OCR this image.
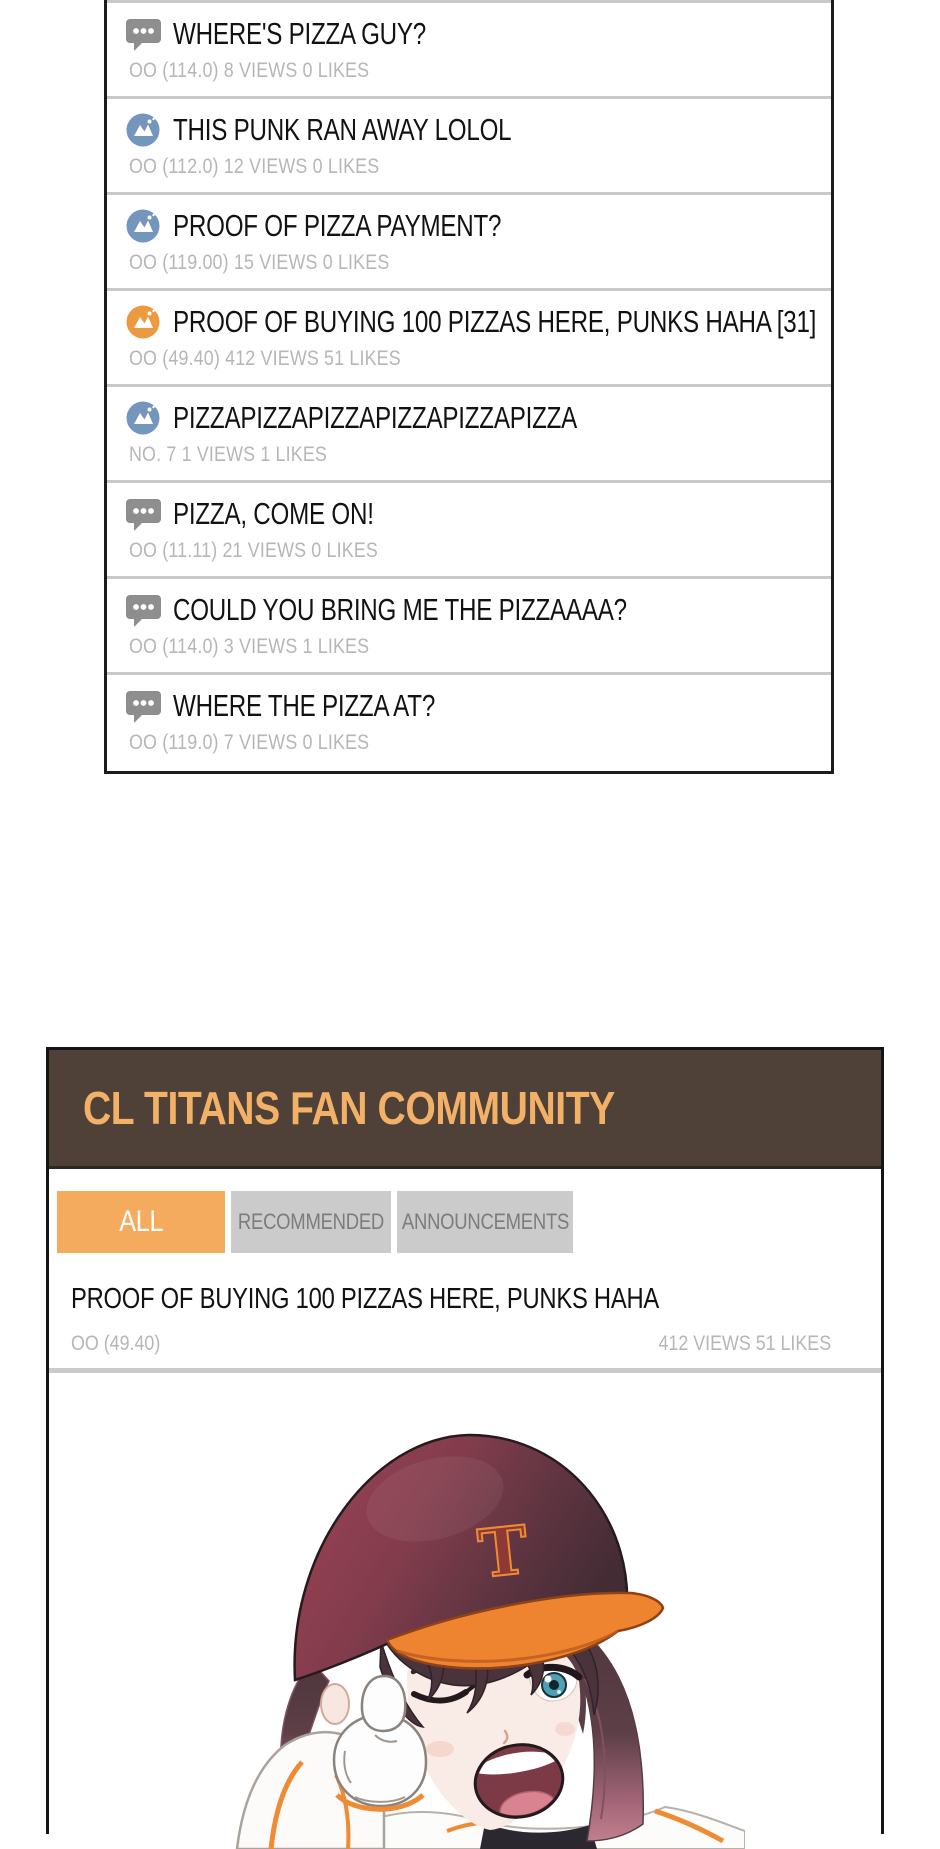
WHERE'S PIZZA GUY?
OO (114.0) 8 VIEWS 0 LIKES
THIS PUNK RAN AWAY LOLOL
OO (112.0) 12 VIEWS 0 LIKES
PROOF OF PIZZA PAYMENT?
OO (119.00) 15 VIEWS 0 LIKES
PROOF OF BUYING 100 PIZZAS HERE, PUNKS HAHA [31]
OO (49.40) 412 VIEWS 51 LIKES
PIZZAPIZZAPIZZAPIZZAPIZZAPIZZA
NO. 7 1 VIEWS 1 LIKES
PIZZA, COME ON!
OO (11.11) 21 VIEWS 0 LIKES
COULD YOU BRING ME THE PIZZAAAA?
OO (114.0) 3 VIEWS 1 LIKES
WHERE THE PIZZA AT?
OO (119.0) 7 VIEWS 0 LIKES
CL TITANS FAN COMMUNITY
ALL	RECOMMENDED ANNOUNCEMENTS
PROOF OF BUYING 100 PIZZAS HERE, PUNKS HAHA
OO (49.40)	412 VIEWS 51 LIKES
T
